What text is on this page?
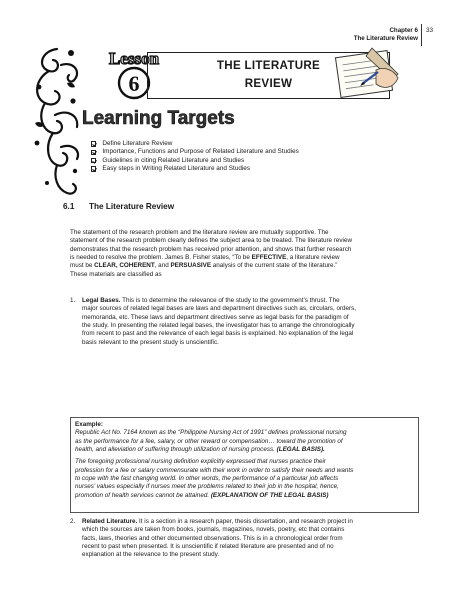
Chapter 6
The Literature Review
33
Lesson
6
THE LITERATURE
REVIEW
Learning Targets
Define Literature Review
Importance, Functions and Purpose of Related Literature and Studies
Guidelines in citing Related Literature and Studies
Easy steps in Writing Related Literature and Studies
6.1 The Literature Review
The statement of the research problem and the literature review are mutually supportive. The
statement of the research problem clearly defines the subject area to be treated. The literature review
demonstrates that the research problem has received prior attention, and shows that further research
is needed to resolve the problem. James B. Fisher states, “To be EFFECTIVE, a literature review
must be CLEAR, COHERENT, and PERSUASIVE analysis of the current state of the literature.”
These materials are classified as
1. Legal Bases. This is to determine the relevance of the study to the government’s thrust. The
major sources of related legal bases are laws and department directives such as, circulars, orders,
memoranda, etc. These laws and department directives serve as legal basis for the paradigm of
the study. In presenting the related legal bases, the investigator has to arrange the chronologically
from recent to past and the relevance of each legal basis is explained. No explanation of the legal
basis relevant to the present study is unscientific.
Example:
Republic Act No. 7164 known as the “Philippine Nursing Act of 1991” defines professional nursing
as the performance for a fee, salary, or other reward or compensation… toward the promotion of
health, and alleviation of suffering through utilization of nursing process. (LEGAL BASIS).
The foregoing professional nursing definition explicitly expressed that nurses practice their
profession for a fee or salary commensurate with their work in order to satisfy their needs and wants
to cope with the fast changing world. In other words, the performance of a particular job affects
nurses’ values especially if nurses meet the problems related to their job in the hospital, hence,
promotion of health services cannot be attained. (EXPLANATION OF THE LEGAL BASIS)
2. Related Literature. It is a section in a research paper, thesis dissertation, and research project in
which the sources are taken from books, journals, magazines, novels, poetry, etc that contains
facts, laws, theories and other documented observations. This is in a chronological order from
recent to past when presented. It is unscientific if related literature are presented and of no
explanation at the relevance to the present study.
